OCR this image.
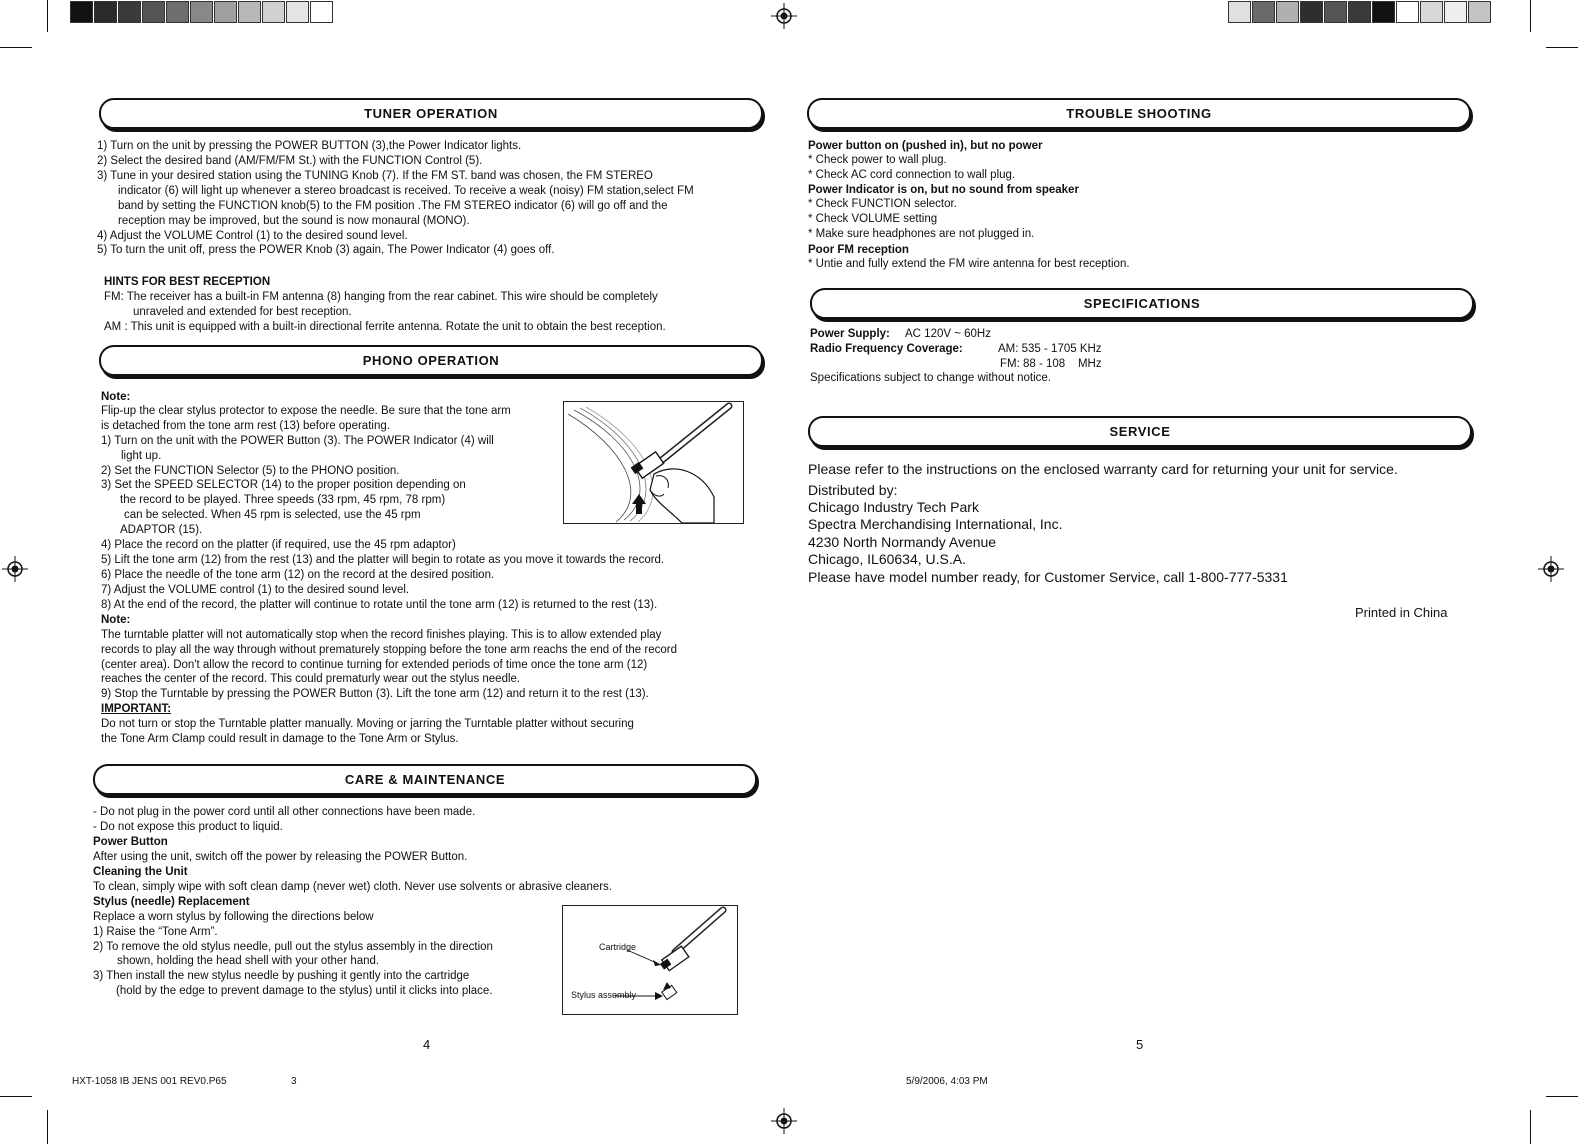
TUNER OPERATION
1) Turn on the unit by pressing the POWER BUTTON (3),the Power Indicator lights.
2) Select the desired band (AM/FM/FM St.) with the FUNCTION Control (5).
3) Tune in your desired station using the TUNING Knob (7). If the FM ST. band was chosen, the FM STEREO
indicator (6) will light up whenever a stereo broadcast is received. To receive a weak (noisy) FM station,select FM
band by setting the FUNCTION knob(5) to the FM position .The FM STEREO indicator (6) will go off and the
reception may be improved, but the sound is now monaural (MONO).
4) Adjust the VOLUME Control (1) to the desired sound level.
5) To turn the unit off, press the POWER Knob (3) again, The Power Indicator (4) goes off.
HINTS FOR BEST RECEPTION
FM: The receiver has a built-in FM antenna (8) hanging from the rear cabinet. This wire should be completely
unraveled and extended for best reception.
AM : This unit is equipped with a built-in directional ferrite antenna. Rotate the unit to obtain the best reception.
PHONO OPERATION
Note:
Flip-up the clear stylus protector to expose the needle. Be sure that the tone arm
is detached from the tone arm rest (13) before operating.
1) Turn on the unit with the POWER Button (3). The POWER Indicator (4) will
light up.
2) Set the FUNCTION Selector (5) to the PHONO position.
3) Set the SPEED SELECTOR (14) to the proper position depending on
the record to be played. Three speeds (33 rpm, 45 rpm, 78 rpm)
can be selected. When 45 rpm is selected, use the 45 rpm
ADAPTOR (15).
4) Place the record on the platter (if required, use the 45 rpm adaptor)
5) Lift the tone arm (12) from the rest (13) and the platter will begin to rotate as you move it towards the record.
6) Place the needle of the tone arm (12) on the record at the desired position.
7) Adjust the VOLUME control (1) to the desired sound level.
8) At the end of the record, the platter will continue to rotate until the tone arm (12) is returned to the rest (13).
Note:
The turntable platter will not automatically stop when the record finishes playing. This is to allow extended play
records to play all the way through without prematurely stopping before the tone arm reachs the end of the record
(center area). Don't allow the record to continue turning for extended periods of time once the tone arm (12)
reaches the center of the record. This could prematurly wear out the stylus needle.
9) Stop the Turntable by pressing the POWER Button (3). Lift the tone arm (12) and return it to the rest (13).
IMPORTANT:
Do not turn or stop the Turntable platter manually. Moving or jarring the Turntable platter without securing
the Tone Arm Clamp could result in damage to the Tone Arm or Stylus.
CARE & MAINTENANCE
- Do not plug in the power cord until all other connections have been made.
- Do not expose this product to liquid.
Power Button
After using the unit, switch off the power by releasing the POWER Button.
Cleaning the Unit
To clean, simply wipe with soft clean damp (never wet) cloth. Never use solvents or abrasive cleaners.
Stylus (needle) Replacement
Replace a worn stylus by following the directions below
1) Raise the “Tone Arm”.
2) To remove the old stylus needle, pull out the stylus assembly in the direction
shown, holding the head shell with your other hand.
3) Then install the new stylus needle by pushing it gently into the cartridge
(hold by the edge to prevent damage to the stylus) until it clicks into place.
Cartridge
Stylus assembly
4
TROUBLE SHOOTING
Power button on (pushed in), but no power
* Check power to wall plug.
* Check AC cord connection to wall plug.
Power Indicator is on, but no sound from speaker
* Check FUNCTION selector.
* Check VOLUME setting
* Make sure headphones are not plugged in.
Poor FM reception
* Untie and fully extend the FM wire antenna for best reception.
SPECIFICATIONS
Power Supply: AC 120V ~ 60Hz
Radio Frequency Coverage:	AM: 535 - 1705 KHz
FM: 88 - 108    MHz
Specifications subject to change without notice.
SERVICE
Please refer to the instructions on the enclosed warranty card for returning your unit for service.
Distributed by:
Chicago Industry Tech Park
Spectra Merchandising International, Inc.
4230 North Normandy Avenue
Chicago, IL60634, U.S.A.
Please have model number ready, for Customer Service, call 1-800-777-5331
Printed in China
5
HXT-1058 IB JENS 001 REV0.P65	3	5/9/2006, 4:03 PM
